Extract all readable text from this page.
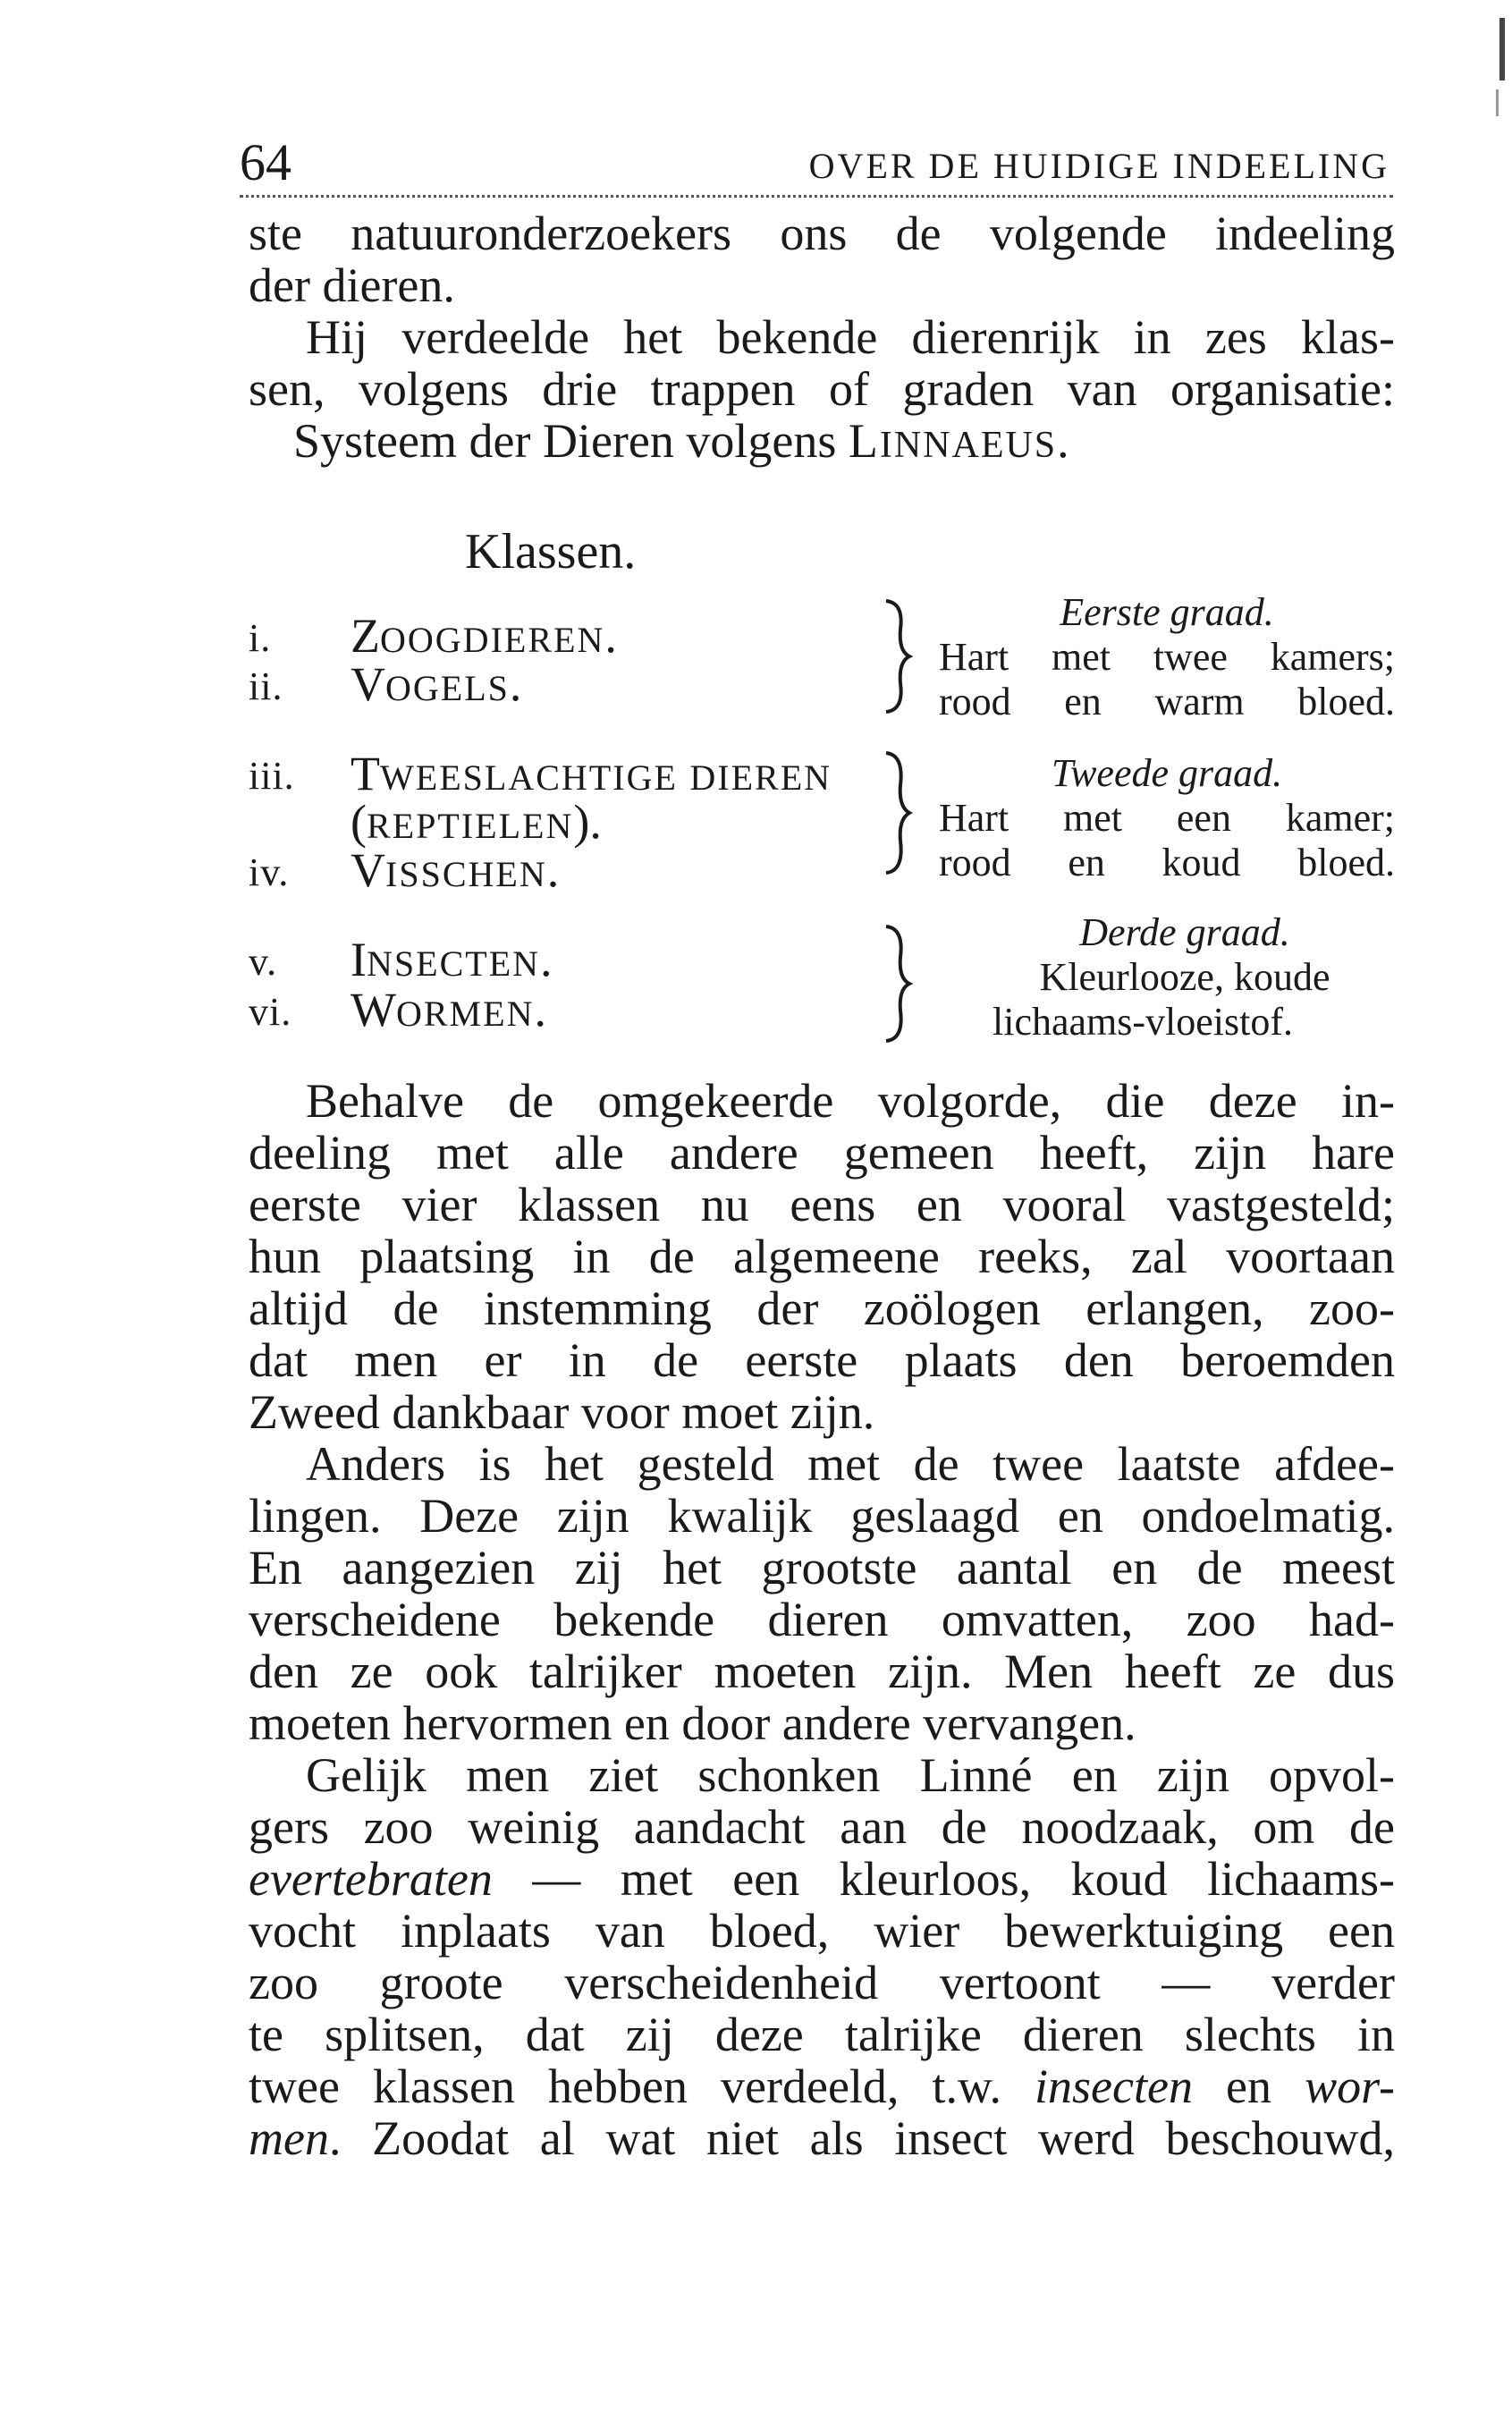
64	OVER DE HUIDIGE INDEELING
ste natuuronderzoekers ons de volgende indeeling
der dieren.
Hij verdeelde het bekende dierenrijk in zes klas-
sen, volgens drie trappen of graden van organisatie:
Systeem der Dieren volgens LINNAEUS.
Klassen.
i. ZOOGDIEREN.
ii. VOGELS.
iii. TWEESLACHTIGE DIEREN
(REPTIELEN).
iv. VISSCHEN.
v. INSECTEN.
vi. WORMEN.
Eerste graad.
Hart met twee kamers;
rood en warm bloed.
Tweede graad.
Hart met een kamer;
rood en koud bloed.
Derde graad.
Kleurlooze, koude
lichaams-vloeistof.
Behalve de omgekeerde volgorde, die deze in-
deeling met alle andere gemeen heeft, zijn hare
eerste vier klassen nu eens en vooral vastgesteld;
hun plaatsing in de algemeene reeks, zal voortaan
altijd de instemming der zoölogen erlangen, zoo-
dat men er in de eerste plaats den beroemden
Zweed dankbaar voor moet zijn.
Anders is het gesteld met de twee laatste afdee-
lingen. Deze zijn kwalijk geslaagd en ondoelmatig.
En aangezien zij het grootste aantal en de meest
verscheidene bekende dieren omvatten, zoo had-
den ze ook talrijker moeten zijn. Men heeft ze dus
moeten hervormen en door andere vervangen.
Gelijk men ziet schonken Linné en zijn opvol-
gers zoo weinig aandacht aan de noodzaak, om de
evertebraten — met een kleurloos, koud lichaams-
vocht inplaats van bloed, wier bewerktuiging een
zoo groote verscheidenheid vertoont — verder
te splitsen, dat zij deze talrijke dieren slechts in
twee klassen hebben verdeeld, t.w. insecten en wor-
men. Zoodat al wat niet als insect werd beschouwd,
